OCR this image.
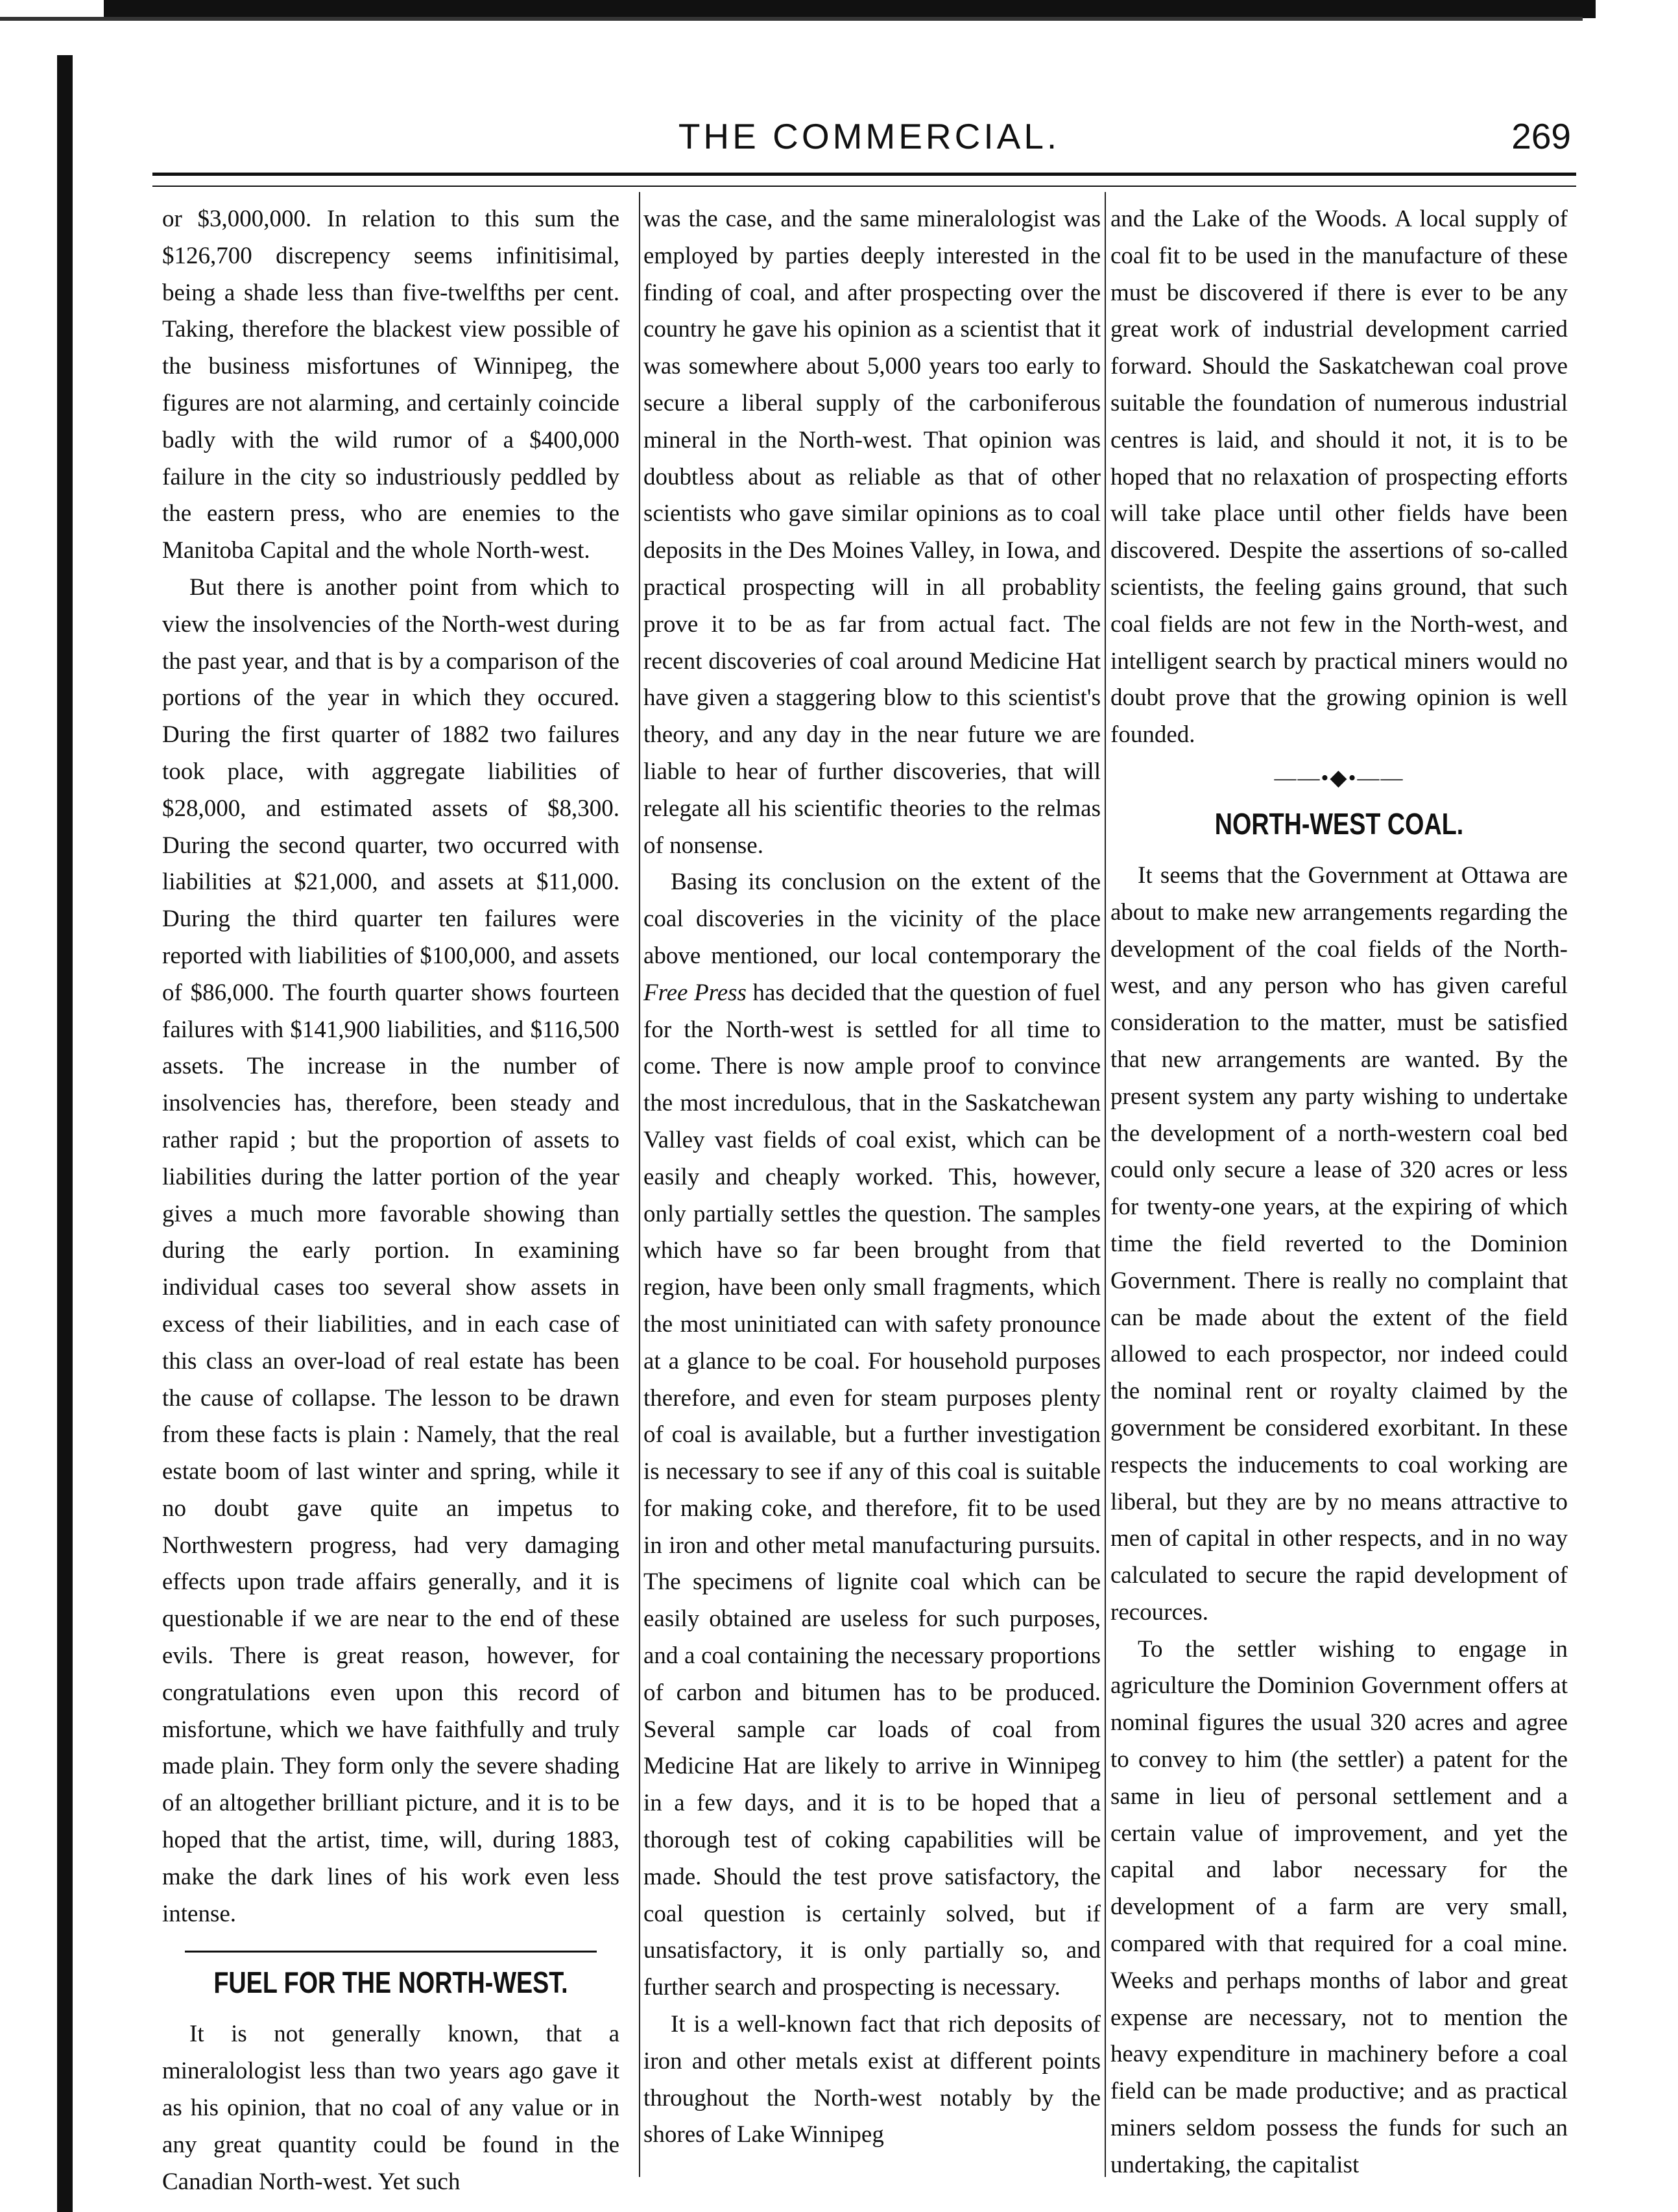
THE COMMERCIAL.	269

or $3,000,000. In relation to this sum the $126,700 discrepency seems infinitisimal, being a shade less than five-twelfths per cent. Taking, therefore the blackest view possible of the business misfortunes of Winnipeg, the figures are not alarming, and certainly coincide badly with the wild rumor of a $400,000 failure in the city so industriously peddled by the eastern press, who are enemies to the Manitoba Capital and the whole North-west.

But there is another point from which to view the insolvencies of the North-west during the past year, and that is by a comparison of the portions of the year in which they occured. During the first quarter of 1882 two failures took place, with aggregate liabilities of $28,000, and estimated assets of $8,300. During the second quarter, two occurred with liabilities at $21,000, and assets at $11,000. During the third quarter ten failures were reported with liabilities of $100,000, and assets of $86,000. The fourth quarter shows fourteen failures with $141,900 liabilities, and $116,500 assets. The increase in the number of insolvencies has, therefore, been steady and rather rapid ; but the proportion of assets to liabilities during the latter portion of the year gives a much more favorable showing than during the early portion. In examining individual cases too several show assets in excess of their liabilities, and in each case of this class an over-load of real estate has been the cause of collapse. The lesson to be drawn from these facts is plain : Namely, that the real estate boom of last winter and spring, while it no doubt gave quite an impetus to Northwestern progress, had very damaging effects upon trade affairs generally, and it is questionable if we are near to the end of these evils. There is great reason, however, for congratulations even upon this record of misfortune, which we have faithfully and truly made plain. They form only the severe shading of an altogether brilliant picture, and it is to be hoped that the artist, time, will, during 1883, make the dark lines of his work even less intense.

FUEL FOR THE NORTH-WEST.

It is not generally known, that a mineralologist less than two years ago gave it as his opinion, that no coal of any value or in any great quantity could be found in the Canadian North-west. Yet such

was the case, and the same mineralologist was employed by parties deeply interested in the finding of coal, and after prospecting over the country he gave his opinion as a scientist that it was somewhere about 5,000 years too early to secure a liberal supply of the carboniferous mineral in the North-west. That opinion was doubtless about as reliable as that of other scientists who gave similar opinions as to coal deposits in the Des Moines Valley, in Iowa, and practical prospecting will in all probablity prove it to be as far from actual fact. The recent discoveries of coal around Medicine Hat have given a staggering blow to this scientist's theory, and any day in the near future we are liable to hear of further discoveries, that will relegate all his scientific theories to the relmas of nonsense.

Basing its conclusion on the extent of the coal discoveries in the vicinity of the place above mentioned, our local contemporary the Free Press has decided that the question of fuel for the North-west is settled for all time to come. There is now ample proof to convince the most incredulous, that in the Saskatchewan Valley vast fields of coal exist, which can be easily and cheaply worked. This, however, only partially settles the question. The samples which have so far been brought from that region, have been only small fragments, which the most uninitiated can with safety pronounce at a glance to be coal. For household purposes therefore, and even for steam purposes plenty of coal is available, but a further investigation is necessary to see if any of this coal is suitable for making coke, and therefore, fit to be used in iron and other metal manufacturing pursuits. The specimens of lignite coal which can be easily obtained are useless for such purposes, and a coal containing the necessary proportions of carbon and bitumen has to be produced. Several sample car loads of coal from Medicine Hat are likely to arrive in Winnipeg in a few days, and it is to be hoped that a thorough test of coking capabilities will be made. Should the test prove satisfactory, the coal question is certainly solved, but if unsatisfactory, it is only partially so, and further search and prospecting is necessary.

It is a well-known fact that rich deposits of iron and other metals exist at different points throughout the North-west notably by the shores of Lake Winnipeg

and the Lake of the Woods. A local supply of coal fit to be used in the manufacture of these must be discovered if there is ever to be any great work of industrial development carried forward. Should the Saskatchewan coal prove suitable the foundation of numerous industrial centres is laid, and should it not, it is to be hoped that no relaxation of prospecting efforts will take place until other fields have been discovered. Despite the assertions of so-called scientists, the feeling gains ground, that such coal fields are not few in the North-west, and intelligent search by practical miners would no doubt prove that the growing opinion is well founded.

——•◆•——
NORTH-WEST COAL.

It seems that the Government at Ottawa are about to make new arrangements regarding the development of the coal fields of the North-west, and any person who has given careful consideration to the matter, must be satisfied that new arrangements are wanted. By the present system any party wishing to undertake the development of a north-western coal bed could only secure a lease of 320 acres or less for twenty-one years, at the expiring of which time the field reverted to the Dominion Government. There is really no complaint that can be made about the extent of the field allowed to each prospector, nor indeed could the nominal rent or royalty claimed by the government be considered exorbitant. In these respects the inducements to coal working are liberal, but they are by no means attractive to men of capital in other respects, and in no way calculated to secure the rapid development of recources.

To the settler wishing to engage in agriculture the Dominion Government offers at nominal figures the usual 320 acres and agree to convey to him (the settler) a patent for the same in lieu of personal settlement and a certain value of improvement, and yet the capital and labor necessary for the development of a farm are very small, compared with that required for a coal mine. Weeks and perhaps months of labor and great expense are necessary, not to mention the heavy expenditure in machinery before a coal field can be made productive; and as practical miners seldom possess the funds for such an undertaking, the capitalist
